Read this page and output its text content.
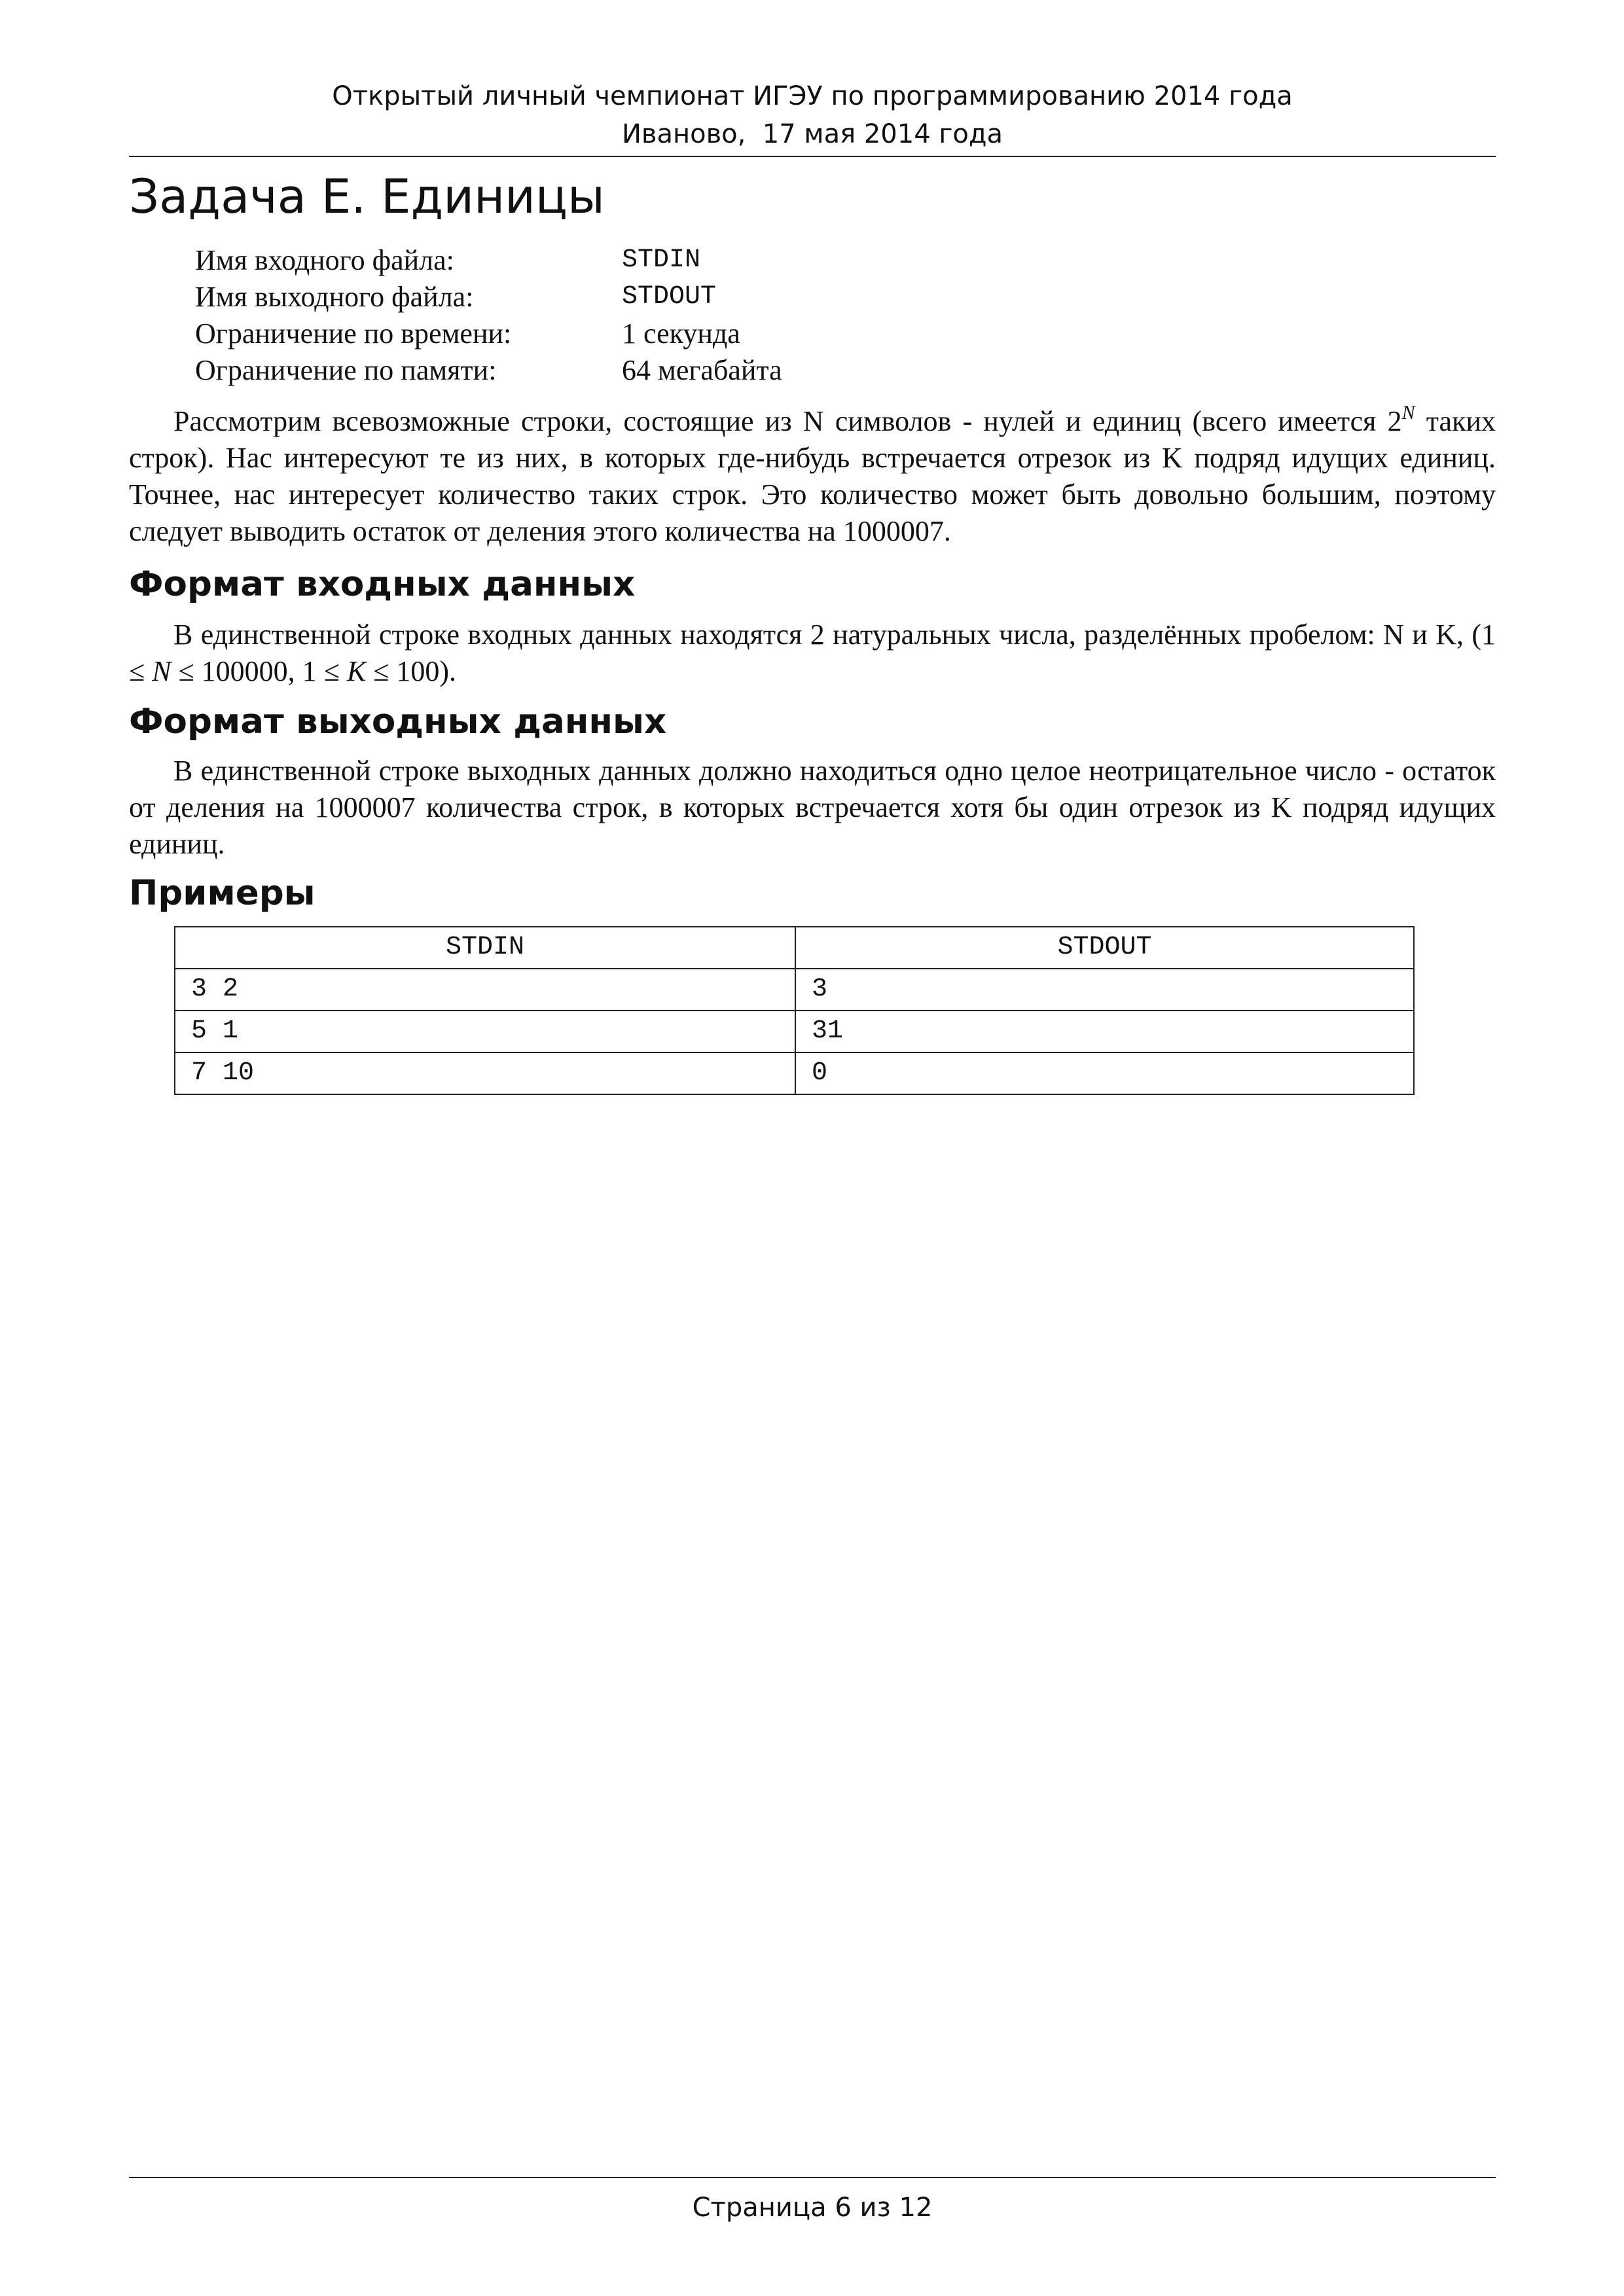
Открытый личный чемпионат ИГЭУ по программированию 2014 года
Иваново,  17 мая 2014 года
Задача E. Единицы
Имя входного файла:	STDIN
Имя выходного файла:	STDOUT
Ограничение по времени:	1 секунда
Ограничение по памяти:	64 мегабайта

Рассмотрим всевозможные строки, состоящие из N символов - нулей и единиц (всего имеется $2^N$ таких строк). Нас интересуют те из них, в которых где-нибудь встречается отрезок из K подряд идущих единиц. Точнее, нас интересует количество таких строк. Это количество может быть довольно большим, поэтому следует выводить остаток от деления этого количества на 1000007.

Формат входных данных

В единственной строке входных данных находятся 2 натуральных числа, разделённых пробелом: N и K, (1 ≤ N ≤ 100000, 1 ≤ K ≤ 100).

Формат выходных данных

В единственной строке выходных данных должно находиться одно целое неотрицательное число - остаток от деления на 1000007 количества строк, в которых встречается хотя бы один отрезок из K подряд идущих единиц.

Примеры
STDIN	STDOUT
3 2	3
5 1	31
7 10	0
Страница 6 из 12
